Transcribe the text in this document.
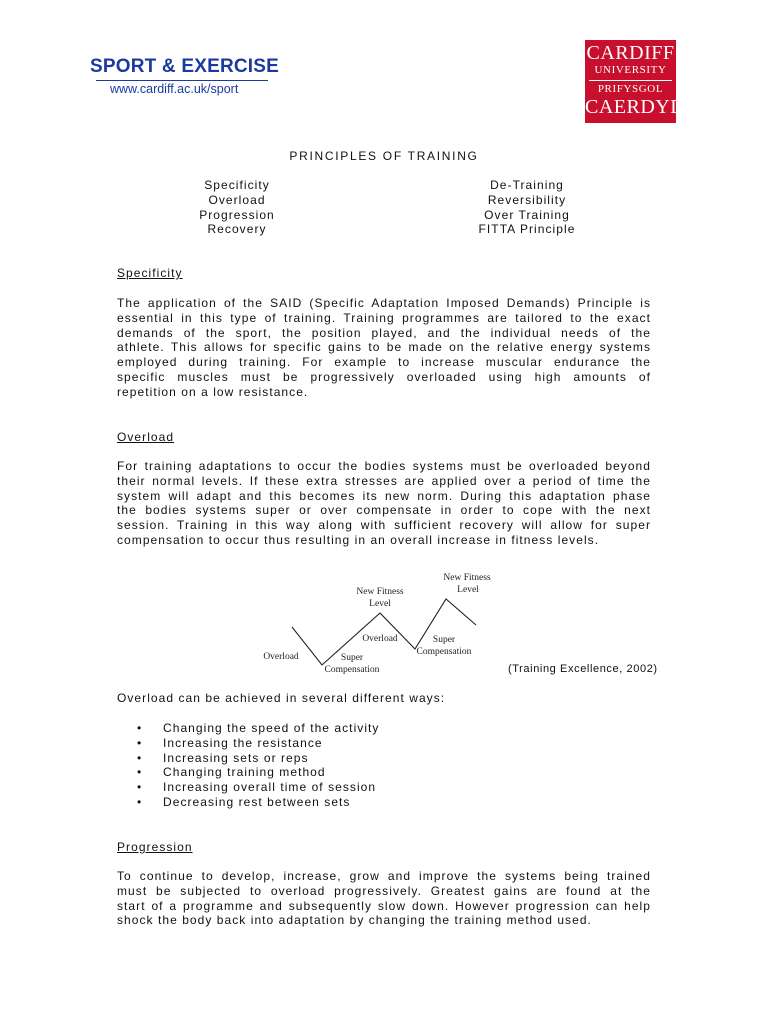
SPORT & EXERCISE
www.cardiff.ac.uk/sport
CARDIFF
UNIVERSITY
PRIFYSGOL
CAERDYDD
PRINCIPLES OF TRAINING
Specificity
Overload
Progression
Recovery
De-Training
Reversibility
Over Training
FITTA Principle
Specificity
The application of the SAID (Specific Adaptation Imposed Demands) Principle is
essential in this type of training. Training programmes are tailored to the exact
demands of the sport, the position played, and the individual needs of the
athlete. This allows for specific gains to be made on the relative energy systems
employed during training. For example to increase muscular endurance the
specific muscles must be progressively overloaded using high amounts of
repetition on a low resistance.
Overload
For training adaptations to occur the bodies systems must be overloaded beyond
their normal levels. If these extra stresses are applied over a period of time the
system will adapt and this becomes its new norm. During this adaptation phase
the bodies systems super or over compensate in order to cope with the next
session. Training in this way along with sufficient recovery will allow for super
compensation to occur thus resulting in an overall increase in fitness levels.
Overload	Super
Compensation
New Fitness
Level
Overload	Super
Compensation
New Fitness
Level
(Training Excellence, 2002)
Overload can be achieved in several different ways:
• Changing the speed of the activity
• Increasing the resistance
• Increasing sets or reps
• Changing training method
• Increasing overall time of session
• Decreasing rest between sets
Progression
To continue to develop, increase, grow and improve the systems being trained
must be subjected to overload progressively. Greatest gains are found at the
start of a programme and subsequently slow down. However progression can help
shock the body back into adaptation by changing the training method used.
